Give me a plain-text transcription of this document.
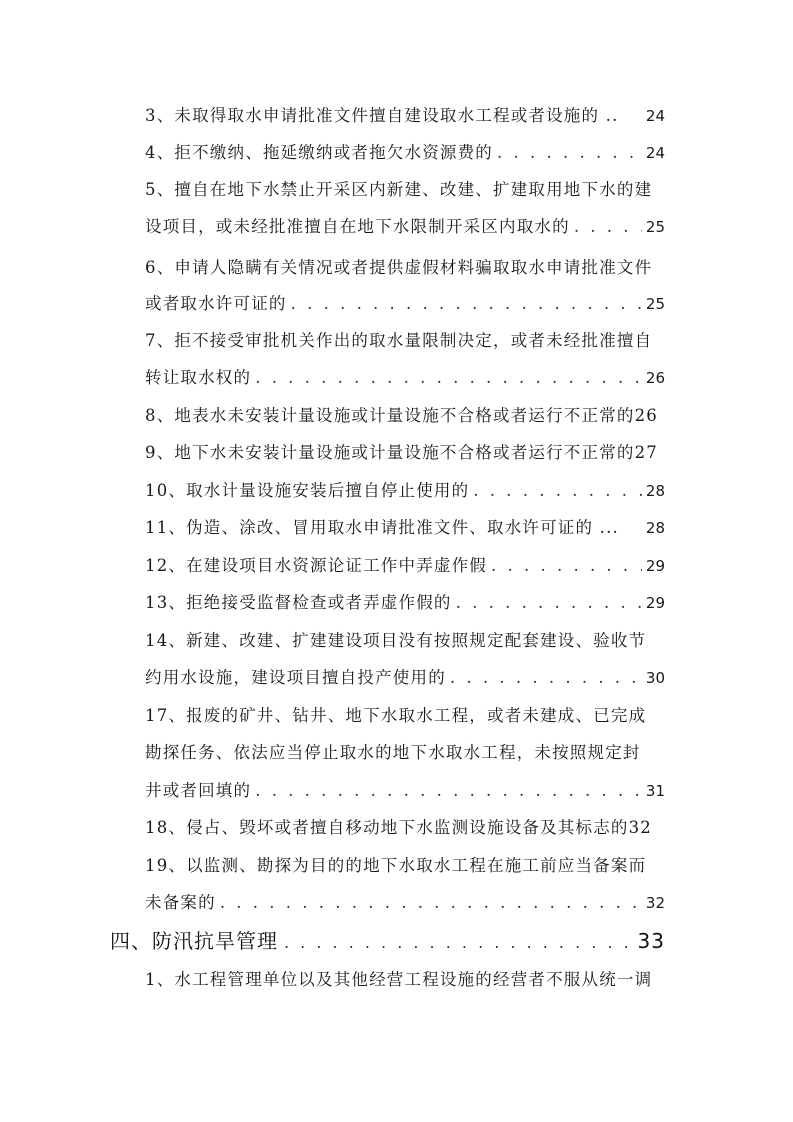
3、未取得取水申请批准文件擅自建设取水工程或者设施的 .. 24
4、拒不缴纳、拖延缴纳或者拖欠水资源费的 . . .	24
5、擅自在地下水禁止开采区内新建、改建、扩建取用地下水的建
设项目，或未经批准擅自在地下水限制开采区内取水的 . . .	25
6、申请人隐瞒有关情况或者提供虚假材料骗取取水申请批准文件
或者取水许可证的 . . .	25
7、拒不接受审批机关作出的取水量限制决定，或者未经批准擅自
转让取水权的 . . .	26
8、地表水未安装计量设施或计量设施不合格或者运行不正常的26
9、地下水未安装计量设施或计量设施不合格或者运行不正常的27
10、取水计量设施安装后擅自停止使用的 . . .	28
11、伪造、涂改、冒用取水申请批准文件、取水许可证的 ... 28
12、在建设项目水资源论证工作中弄虚作假 . . .	29
13、拒绝接受监督检查或者弄虚作假的 . . .	29
14、新建、改建、扩建建设项目没有按照规定配套建设、验收节
约用水设施，建设项目擅自投产使用的 . . .	30
17、报废的矿井、钻井、地下水取水工程，或者未建成、已完成
勘探任务、依法应当停止取水的地下水取水工程，未按照规定封
井或者回填的 . . .	31
18、侵占、毁坏或者擅自移动地下水监测设施设备及其标志的32
19、以监测、勘探为目的的地下水取水工程在施工前应当备案而
未备案的 . . .	32
四、防汛抗旱管理 . . .	33
1、水工程管理单位以及其他经营工程设施的经营者不服从统一调
